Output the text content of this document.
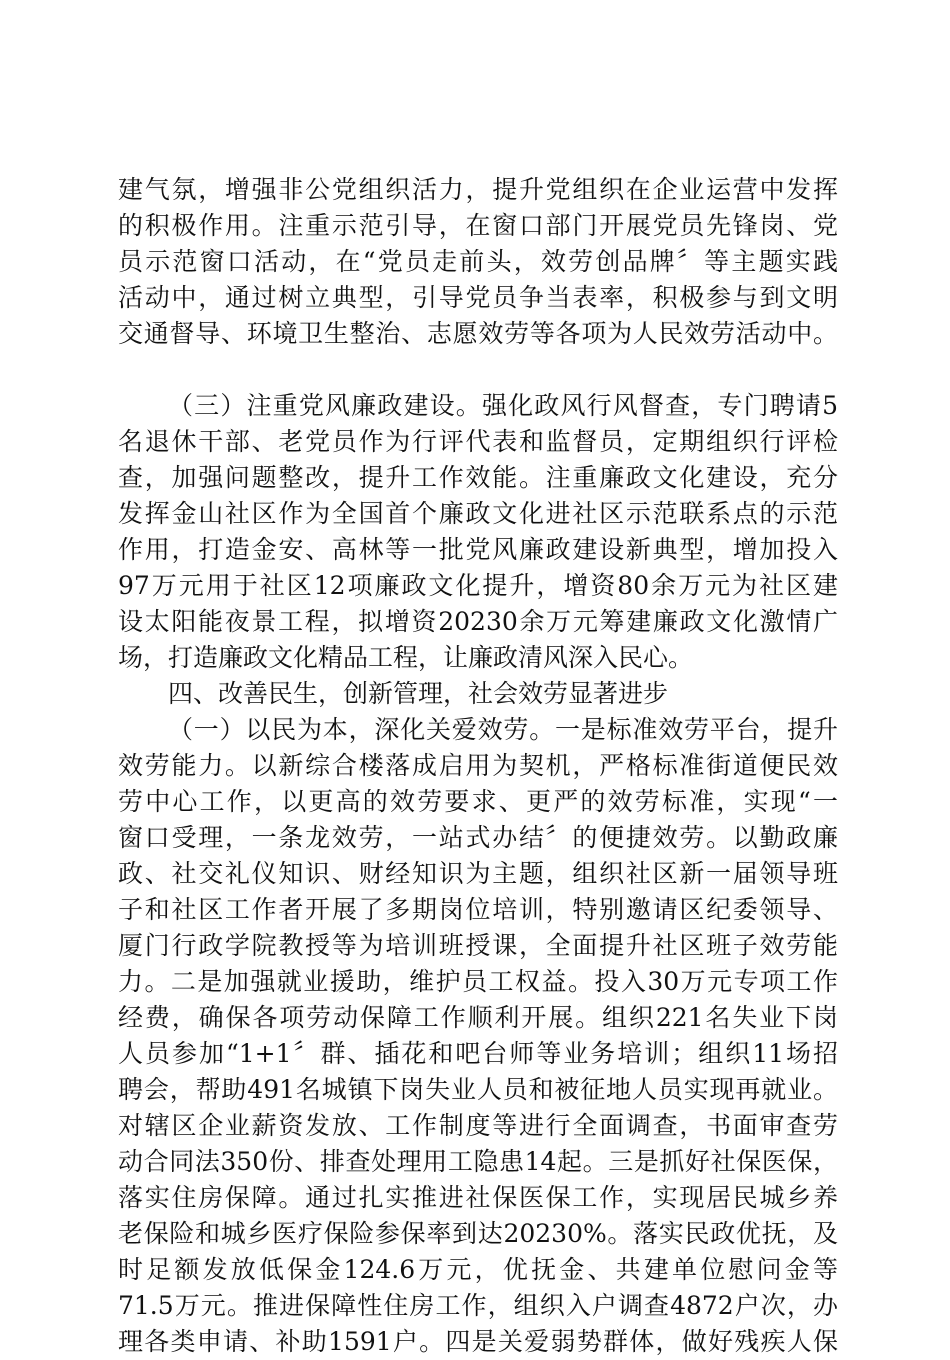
建气氛，增强非公党组织活力，提升党组织在企业运营中发挥
的积极作用。注重示范引导，在窗口部门开展党员先锋岗、党
员示范窗口活动，在“党员走前头，效劳创品牌〞等主题实践
活动中，通过树立典型，引导党员争当表率，积极参与到文明
交通督导、环境卫生整治、志愿效劳等各项为人民效劳活动中。
（三）注重党风廉政建设。强化政风行风督查，专门聘请5
名退休干部、老党员作为行评代表和监督员，定期组织行评检
查，加强问题整改，提升工作效能。注重廉政文化建设，充分
发挥金山社区作为全国首个廉政文化进社区示范联系点的示范
作用，打造金安、高林等一批党风廉政建设新典型，增加投入
97万元用于社区12项廉政文化提升，增资80余万元为社区建
设太阳能夜景工程，拟增资20230余万元筹建廉政文化激情广
场，打造廉政文化精品工程，让廉政清风深入民心。
四、改善民生，创新管理，社会效劳显著进步
（一）以民为本，深化关爱效劳。一是标准效劳平台，提升
效劳能力。以新综合楼落成启用为契机，严格标准街道便民效
劳中心工作，以更高的效劳要求、更严的效劳标准，实现“一
窗口受理，一条龙效劳，一站式办结〞的便捷效劳。以勤政廉
政、社交礼仪知识、财经知识为主题，组织社区新一届领导班
子和社区工作者开展了多期岗位培训，特别邀请区纪委领导、
厦门行政学院教授等为培训班授课，全面提升社区班子效劳能
力。二是加强就业援助，维护员工权益。投入30万元专项工作
经费，确保各项劳动保障工作顺利开展。组织221名失业下岗
人员参加“1+1〞群、插花和吧台师等业务培训；组织11场招
聘会，帮助491名城镇下岗失业人员和被征地人员实现再就业。
对辖区企业薪资发放、工作制度等进行全面调查，书面审查劳
动合同法350份、排查处理用工隐患14起。三是抓好社保医保，
落实住房保障。通过扎实推进社保医保工作，实现居民城乡养
老保险和城乡医疗保险参保率到达20230%。落实民政优抚，及
时足额发放低保金124.6万元，优抚金、共建单位慰问金等
71.5万元。推进保障性住房工作，组织入户调查4872户次，办
理各类申请、补助1591户。四是关爱弱势群体，做好残疾人保
